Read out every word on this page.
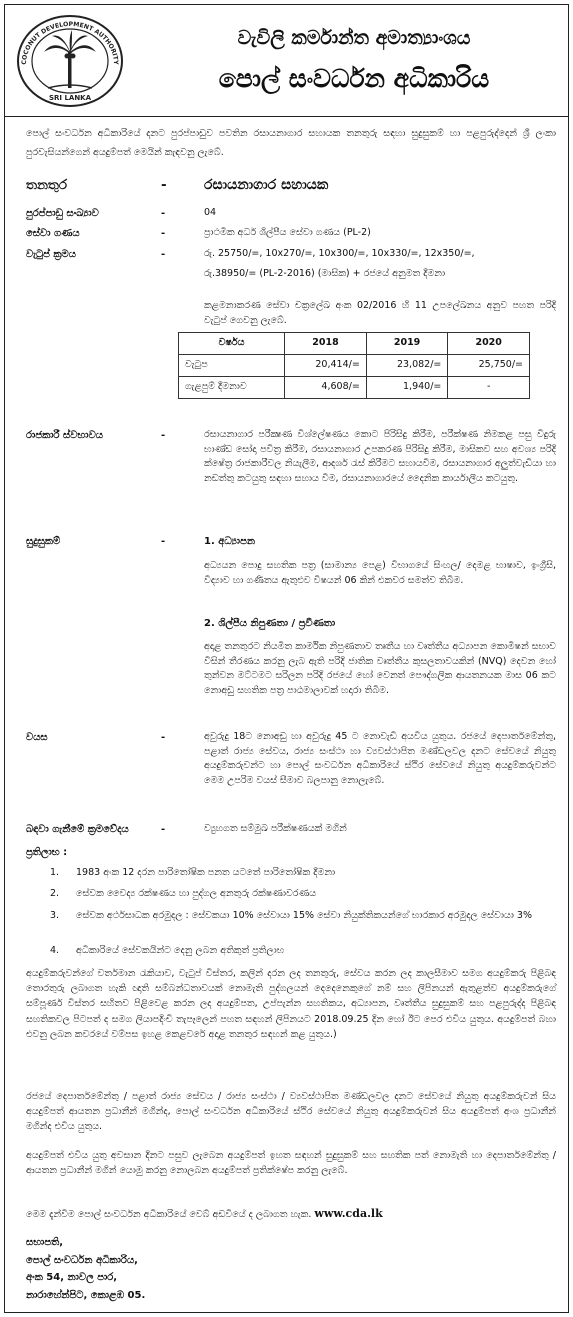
COCONUT DEVELOPMENT AUTHORITY
SRI LANKA
වැවිලි කර්මාන්ත අමාත්‍යාංශය
පොල් සංවර්ධන අධිකාරිය
පොල් සංවර්ධන අධිකාරියේ දනට පුරප්පාඩුව පවතින රසායනාගාර සහායක තනතුරු සඳහා සුදුසුකම් හා පළපුරුද්දෙන් ශ්‍රී ලංකා පුරවැසියන්ගෙන් අයදුම්පත් මෙයින් කැඳවනු ලැබේ.
තනතුර	-	රසායනාගාර සහායක
පුරප්පාඩු සංඛ්‍යාව	-	04
සේවා ගණය	-	ප්‍රාථමික අර්ධ ශිල්පීය සේවා ගණය (PL-2)
වැටුප් ක්‍රමය	-	රු. 25750/=, 10x270/=, 10x300/=, 10x330/=, 12x350/=,
රු.38950/= (PL-2-2016) (මාසික) + රජයේ අනුමත දීමනා
කළමනාකරණ සේවා චක්‍රලේඛ අංක 02/2016 හි 11 උපලේඛනය අනුව පහත පරිදි වැටුප් ගෙවනු ලැබේ.
වර්ෂය	2018	2019	2020
වැටුප	20,414/=	23,082/=	25,750/=
ගැළපුම් දීමනාව	4,608/=	1,940/=	-
රාජකාරී ස්වභාවය	-	රසායනාගාර පරීක්‍ෂණ විශ්ලේෂණය කොට පිරිසිදු කිරීම, පරීක්ෂණ නිමකළ පසු විදුරු භාණ්ඩ සෝදා පවිත්‍ර කිරීම, රසායනාගාර උපකරණ පිරිසිදු කිරීම, මාසිකව සහ අවශ්‍ය පරිදි ක්ෂේත්‍ර රාජකාරීවල නියැලීම, ආදර්ශ රැස් කිරීමට සහායවීම, රසායනාගාර අලුත්වැඩියා හා නඩත්තු කටයුතු සඳහා සහාය වීම, රසායනාගාරයේ දෛනික කාර්යාලීය කටයුතු.
සුදුසුකම්	-	1. අධ්‍යාපන
අධ්‍යයන පොදු සහතික පත්‍ර (සාමාන්‍ය පෙළ) විභාගයේ සිංහල/ දෙමළ භාෂාව, ඉංග්‍රීසි, විද්‍යාව හා ගණිතය ඇතුළුව විෂයන් 06 කින් එකවර සමත්ව තිබීම.
2. ශිල්පීය නිපුණතා / ප්‍රවීණතා
අදාළ තනතුරට නියමිත කාර්මික නිපුණතාව තෘතීය හා වෘත්තීය අධ්‍යාපන කොමිෂන් සභාව විසින් තීරණය කරනු ලැබ ඇති පරිදි ජාතික වෘත්තීය කුසලතාවයකින් (NVQ) දෙවන හෝ තුන්වන මට්ටමට සරිලන පරිදි රජයේ හෝ වෙනත් පෞද්ගලික ආයතනයක මාස 06 කට නොඅඩු සහතික පත්‍ර පාඨමාලාවක් හදාරා තිබීම.
වයස	-	අවුරුදු 18ට නොඅඩු හා අවුරුදු 45 ට නොවැඩි අයවිය යුතුය. රජයේ දෙපාර්තමේන්තු, පළාත් රාජ්‍ය සේවය, රාජ්‍ය සංස්ථා හා ව්‍යවස්ථාපිත මණ්ඩලවල දනට සේවයේ නියුතු අයදුම්කරුවන්ට හා පොල් සංවර්ධන අධිකාරියේ ස්ථිර සේවයේ නියුතු අයදුම්කරුවන්ට මෙම උපරිම වයස් සීමාව බලපානු නොලැබේ.
බඳවා ගැනීමේ ක්‍රමවේදය	-	ව්‍යුහගත සම්මුඛ පරීක්ෂණයක් මගින්
ප්‍රතිලාභ :
1. 1983 අංක 12 දරන පාරිතෝෂික පනත යටතේ පාරිතෝෂික දීමනා
2. සේවක වෛද්‍ය රක්ෂණය හා පුද්ගල අනතුරු රක්ෂණාවරණය
3. සේවක අර්ථසාධක අරමුදල : සේවකයා 10% සේවායා 15% සේවා නියුක්තිකයන්ගේ භාරකාර අරමුදල සේවායා 3%
4. අධිකාරියේ සේවකයින්ට දෙනු ලබන අතිකුත් ප්‍රතිලාභ
අයදුම්කරුවන්ගේ වර්තමාන රැකියාව, වැටුප් විස්තර, කලින් දරන ලද තනතුරු, සේවය කරන ලද කාලසීමාව සමග අයදුම්කරු පිළිබඳ තොරතුරු ලබාගත හැකි ඥාති සම්බන්ධතාවයක් නොමැති පුද්ගලයන් දෙදෙනෙකුගේ නම් සහ ලිපිනයන් ඇතුළත්ව අයදුම්කරුගේ සම්පූර්ණ විස්තර සහිතව පිළිවෙළ කරන ලද අයදුම්පත, උප්පැන්න සහතිකය, අධ්‍යාපන, වෘත්තීය සුදුසුකම් සහ පළපුරුද්ද පිළිබඳ සහතිකවල පිටපත් ද සමග ලියාපදිංචි තැපෑලෙන් පහත සඳහන් ලිපිනයට 2018.09.25 දින හෝ ඊට පෙර එවිය යුතුය. අයදුම්පත් බහා එවනු ලබන කවරයේ වම්පස ඉහළ කෙළවරේ අදාළ තනතුර සඳහන් කළ යුතුය.)
රජයේ දෙපාර්තමේන්තු / පළාත් රාජ්‍ය සේවය / රාජ්‍ය සංස්ථා / ව්‍යවස්ථාපිත මණ්ඩලවල දනට සේවයේ නියුතු අයදුම්කරුවන් සිය අයදුම්පත් ආයතන ප්‍රධානීන් මගින්ද, පොල් සංවර්ධන අධිකාරියේ ස්ථිර සේවයේ නියුතු අයදුම්කරුවන් සිය අයදුම්පත් අංශ ප්‍රධානීන් මගින්ද එවිය යුතුය.
අයදුම්පත් එවිය යුතු අවසාන දිනට පසුව ලැබෙන අයදුම්පත් ඉහත සඳහන් සුදුසුකම් සහ සහතික පත් නොමැති හා දෙපාර්තමේන්තු / ආයතන ප්‍රධානීන් මගින් යොමු කරනු නොලබන අයදුම්පත් ප්‍රතික්ෂේප කරනු ලැබේ.
මෙම දැන්වීම පොල් සංවර්ධන අධිකාරියේ වෙබ් අඩවියේ ද ලබාගත හැක. www.cda.lk
සභාපති,
පොල් සංවර්ධන අධිකාරිය,
අංක 54, නාවල පාර,
නාරාහේන්පිට, කොළඹ 05.
